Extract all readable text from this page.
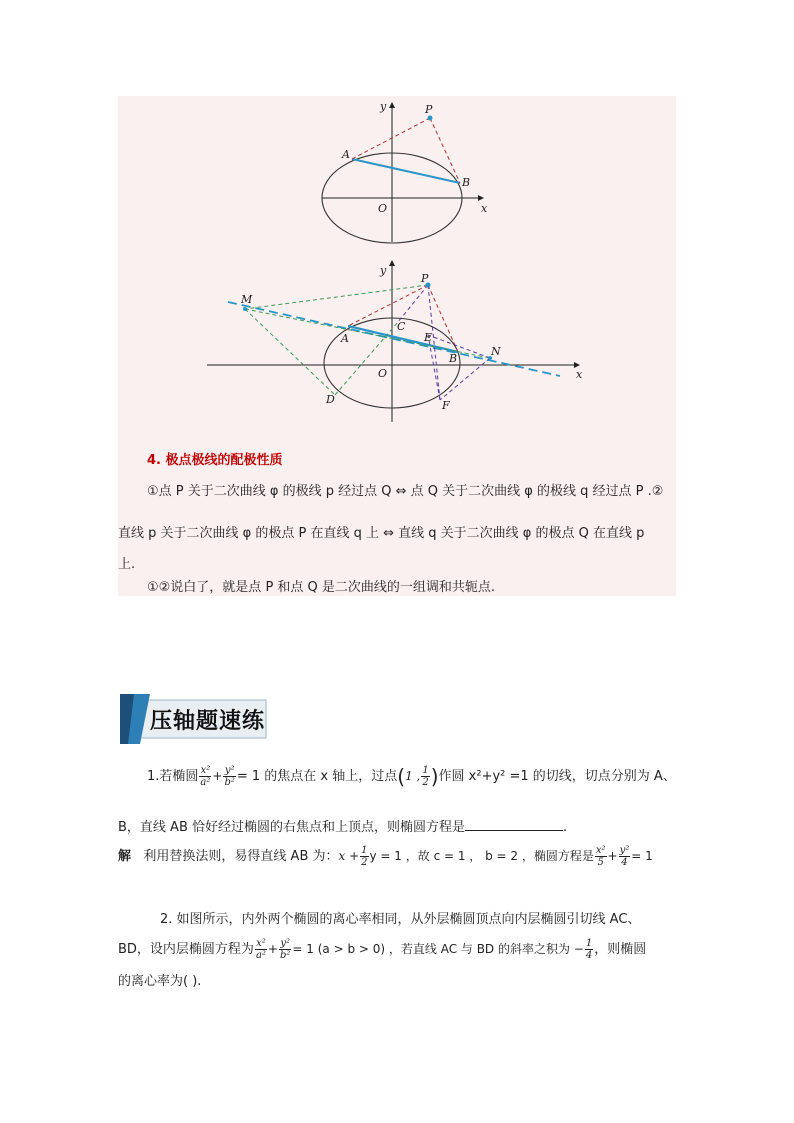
y
x
O
P
A
B
y
x
O
P
M
A
C
E
B
N
D	F
4. 极点极线的配极性质
①点 P 关于二次曲线 φ 的极线 p 经过点 Q ⇔ 点 Q 关于二次曲线 φ 的极线 q 经过点 P .②
直线 p 关于二次曲线 φ 的极点 P 在直线 q 上 ⇔ 直线 q 关于二次曲线 φ 的极点 Q 在直线 p
上.
①②说白了，就是点 P 和点 Q 是二次曲线的一组调和共轭点.
压轴题速练
1.若椭圆 $\frac{\text{x²}}{\text{a²}} + \frac{\text{y²}}{\text{b²}} = 1$ 的焦点在 x 轴上，过点(1 , $\frac{1}{2}$ )作圆 x²+y² =1 的切线，切点分别为 A、
B，直线 AB 恰好经过椭圆的右焦点和上顶点，则椭圆方程是	.
解 利用替换法则，易得直线 AB 为：$x + \frac{1}{2}$ y = 1 ，故 c = 1 ， b = 2 ，椭圆方程是 $\frac{\text{x²}}{5} + \frac{\text{y²}}{4} = 1$
2. 如图所示，内外两个椭圆的离心率相同，从外层椭圆顶点向内层椭圆引切线 AC、
BD，设内层椭圆方程为 $\frac{\text{x²}}{\text{a²}} + \frac{\text{y²}}{\text{b²}} = 1$ (a > b > 0) ，若直线 AC 与 BD 的斜率之积为 − $\frac{1}{4}$ ，则椭圆
的离心率为( ).
